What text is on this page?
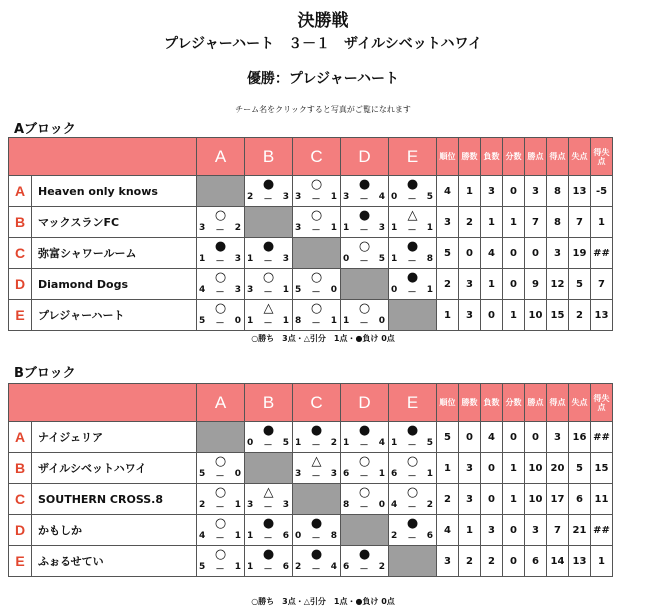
決勝戦
プレジャーハート　３－１　ザイルシベットハワイ
優勝：プレジャーハート
チーム名をクリックすると写真がご覧になれます
Aブロック
		A	B	C	D	E	順位	勝数	負数	分数	勝点	得点	失点	得失点
A	Heaven only knows		●
2 － 3	○
3 － 1	●
3 － 4	●
0 － 5	4	1	3	0	3	8	13	-5
B	マックスランFC	○
3 － 2		○
3 － 1	●
1 － 3	△
1 － 1	3	2	1	1	7	8	7	1
C	弥富シャワールーム	●
1 － 3	●
1 － 3		○
0 － 5	●
1 － 8	5	0	4	0	0	3	19	##
D	Diamond Dogs	○
4 － 3	○
3 － 1	○
5 － 0		●
0 － 1	2	3	1	0	9	12	5	7
E	プレジャーハート	○
5 － 0	△
1 － 1	○
8 － 1	○
1 － 0		1	3	0	1	10	15	2	13
○勝ち　3点・△引分　1点・●負け 0点
Bブロック
		A	B	C	D	E	順位	勝数	負数	分数	勝点	得点	失点	得失点
A	ナイジェリア		●
0 － 5	●
1 － 2	●
1 － 4	●
1 － 5	5	0	4	0	0	3	16	##
B	ザイルシベットハワイ	○
5 － 0		△
3 － 3	○
6 － 1	○
6 － 1	1	3	0	1	10	20	5	15
C	SOUTHERN CROSS.8	○
2 － 1	△
3 － 3		○
8 － 0	○
4 － 2	2	3	0	1	10	17	6	11
D	かもしか	○
4 － 1	●
1 － 6	●
0 － 8		●
2 － 6	4	1	3	0	3	7	21	##
E	ふぉるせてい	○
5 － 1	●
1 － 6	●
2 － 4	●
6 － 2		3	2	2	0	6	14	13	1
○勝ち　3点・△引分　1点・●負け 0点
